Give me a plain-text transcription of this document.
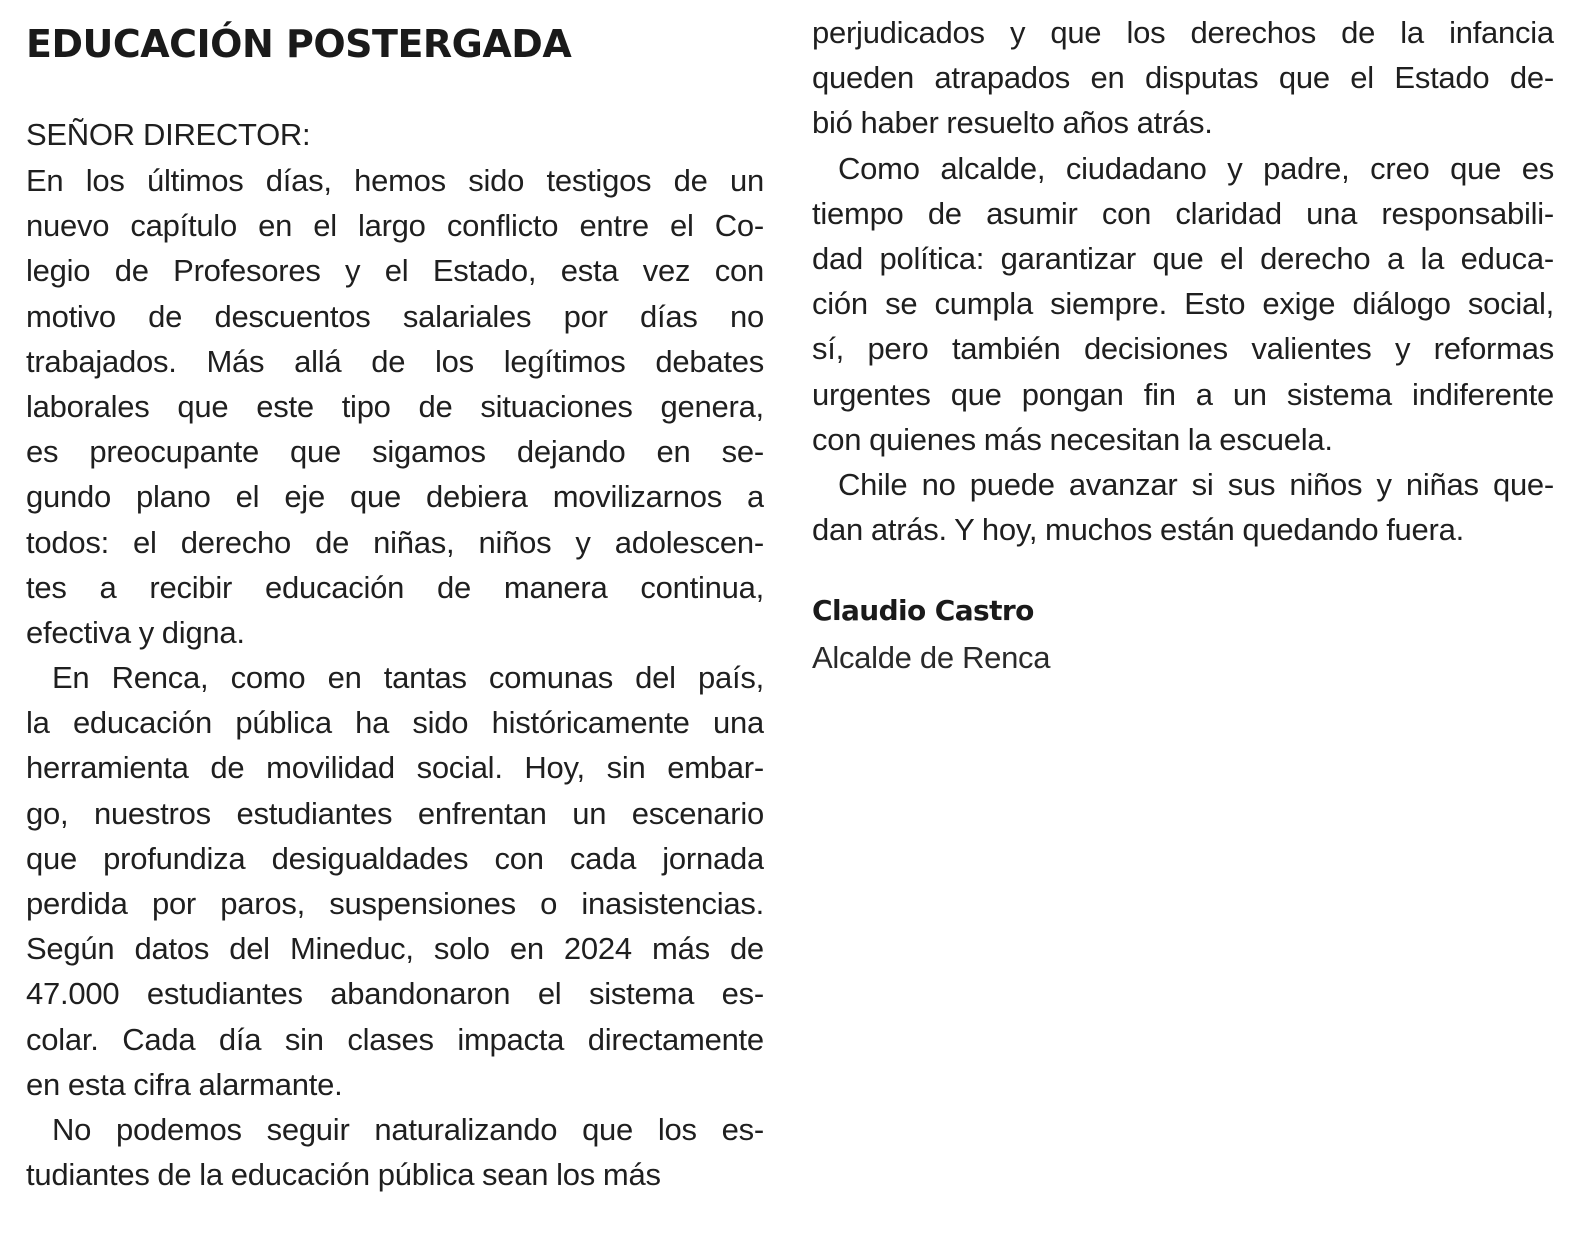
EDUCACIÓN POSTERGADA

SEÑOR DIRECTOR:

En los últimos días, hemos sido testigos de un
nuevo capítulo en el largo conflicto entre el Co-
legio de Profesores y el Estado, esta vez con
motivo de descuentos salariales por días no
trabajados. Más allá de los legítimos debates
laborales que este tipo de situaciones genera,
es preocupante que sigamos dejando en se-
gundo plano el eje que debiera movilizarnos a
todos: el derecho de niñas, niños y adolescen-
tes a recibir educación de manera continua,
efectiva y digna.
En Renca, como en tantas comunas del país,
la educación pública ha sido históricamente una
herramienta de movilidad social. Hoy, sin embar-
go, nuestros estudiantes enfrentan un escenario
que profundiza desigualdades con cada jornada
perdida por paros, suspensiones o inasistencias.
Según datos del Mineduc, solo en 2024 más de
47.000 estudiantes abandonaron el sistema es-
colar. Cada día sin clases impacta directamente
en esta cifra alarmante.
No podemos seguir naturalizando que los es-
tudiantes de la educación pública sean los más
perjudicados y que los derechos de la infancia
queden atrapados en disputas que el Estado de-
bió haber resuelto años atrás.
Como alcalde, ciudadano y padre, creo que es
tiempo de asumir con claridad una responsabili-
dad política: garantizar que el derecho a la educa-
ción se cumpla siempre. Esto exige diálogo social,
sí, pero también decisiones valientes y reformas
urgentes que pongan fin a un sistema indiferente
con quienes más necesitan la escuela.
Chile no puede avanzar si sus niños y niñas que-
dan atrás. Y hoy, muchos están quedando fuera.

Claudio Castro

Alcalde de Renca
